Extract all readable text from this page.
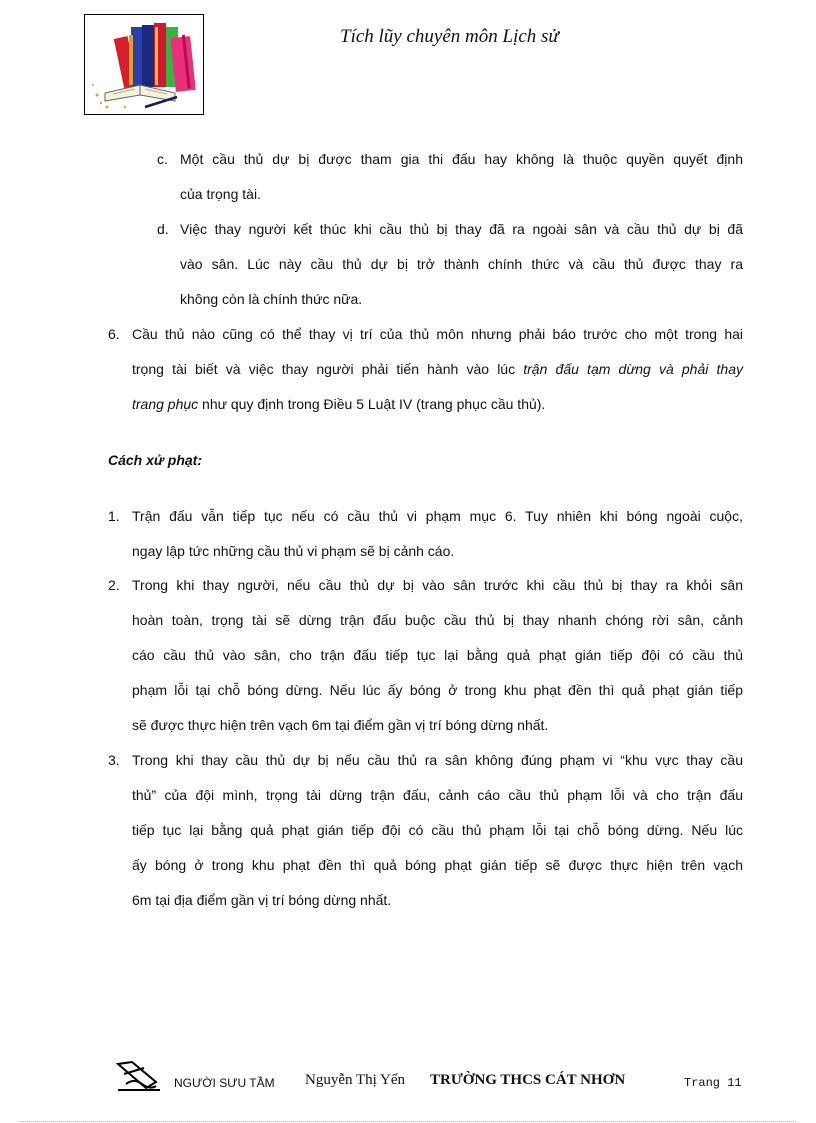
Tích lũy chuyên môn Lịch sử
c. Một cầu thủ dự bị được tham gia thi đấu hay không là thuộc quyền quyết định
của trọng tài.
d. Việc thay người kết thúc khi cầu thủ bị thay đã ra ngoài sân và cầu thủ dự bị đã
vào sân. Lúc này cầu thủ dự bị trở thành chính thức và cầu thủ được thay ra
không còn là chính thức nữa.
6. Cầu thủ nào cũng có thể thay vị trí của thủ môn nhưng phải báo trước cho một trong hai
trọng tài biết và việc thay người phải tiến hành vào lúc trận đấu tạm dừng và phải thay
trang phục như quy định trong Điều 5 Luật IV (trang phục cầu thủ).
Cách xử phạt:
1. Trận đấu vẫn tiếp tục nếu có cầu thủ vi phạm mục 6. Tuy nhiên khi bóng ngoài cuộc,
ngay lập tức những cầu thủ vi phạm sẽ bị cảnh cáo.
2. Trong khi thay người, nếu cầu thủ dự bị vào sân trước khi cầu thủ bị thay ra khỏi sân
hoàn toàn, trọng tài sẽ dừng trận đấu buộc cầu thủ bị thay nhanh chóng rời sân, cảnh
cáo cầu thủ vào sân, cho trận đấu tiếp tục lại bằng quả phạt gián tiếp đội có cầu thủ
phạm lỗi tại chỗ bóng dừng. Nếu lúc ấy bóng ở trong khu phạt đền thì quả phạt gián tiếp
sẽ được thực hiện trên vạch 6m tại điểm gần vị trí bóng dừng nhất.
3. Trong khi thay cầu thủ dự bị nếu cầu thủ ra sân không đúng phạm vi “khu vực thay cầu
thủ” của đội mình, trọng tài dừng trận đấu, cảnh cáo cầu thủ phạm lỗi và cho trận đấu
tiếp tục lại bằng quả phạt gián tiếp đội có cầu thủ phạm lỗi tại chỗ bóng dừng. Nếu lúc
ấy bóng ở trong khu phạt đền thì quả bóng phạt gián tiếp sẽ được thực hiện trên vạch
6m tại địa điểm gần vị trí bóng dừng nhất.
NGƯỜI SƯU TẦM Nguyễn Thị Yến TRƯỜNG THCS CÁT NHƠN	Trang 11
